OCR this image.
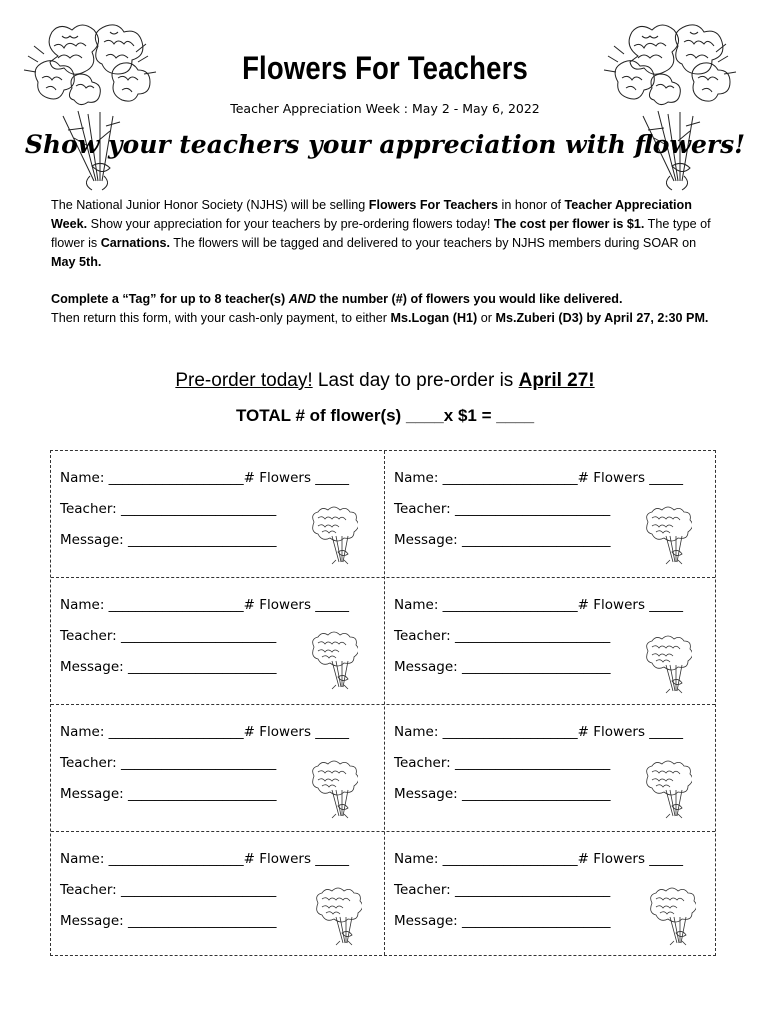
Flowers For Teachers
Teacher Appreciation Week : May 2 - May 6, 2022
Show your teachers your appreciation with flowers!
The National Junior Honor Society (NJHS) will be selling Flowers For Teachers in honor of Teacher Appreciation Week. Show your appreciation for your teachers by pre-ordering flowers today! The cost per flower is $1. The type of flower is Carnations. The flowers will be tagged and delivered to your teachers by NJHS members during SOAR on May 5th.
Complete a “Tag” for up to 8 teacher(s) AND the number (#) of flowers you would like delivered.
Then return this form, with your cash-only payment, to either Ms.Logan (H1) or Ms.Zuberi (D3) by April 27, 2:30 PM.
Pre-order today! Last day to pre-order is April 27!
TOTAL # of flower(s) ____x $1 = ____
Name: ____________________# Flowers _____
Teacher: _______________________
Message: ______________________
Name: ____________________# Flowers _____
Teacher: _______________________
Message: ______________________
Name: ____________________# Flowers _____
Teacher: _______________________
Message: ______________________
Name: ____________________# Flowers _____
Teacher: _______________________
Message: ______________________
Name: ____________________# Flowers _____
Teacher: _______________________
Message: ______________________
Name: ____________________# Flowers _____
Teacher: _______________________
Message: ______________________
Name: ____________________# Flowers _____
Teacher: _______________________
Message: ______________________
Name: ____________________# Flowers _____
Teacher: _______________________
Message: ______________________
